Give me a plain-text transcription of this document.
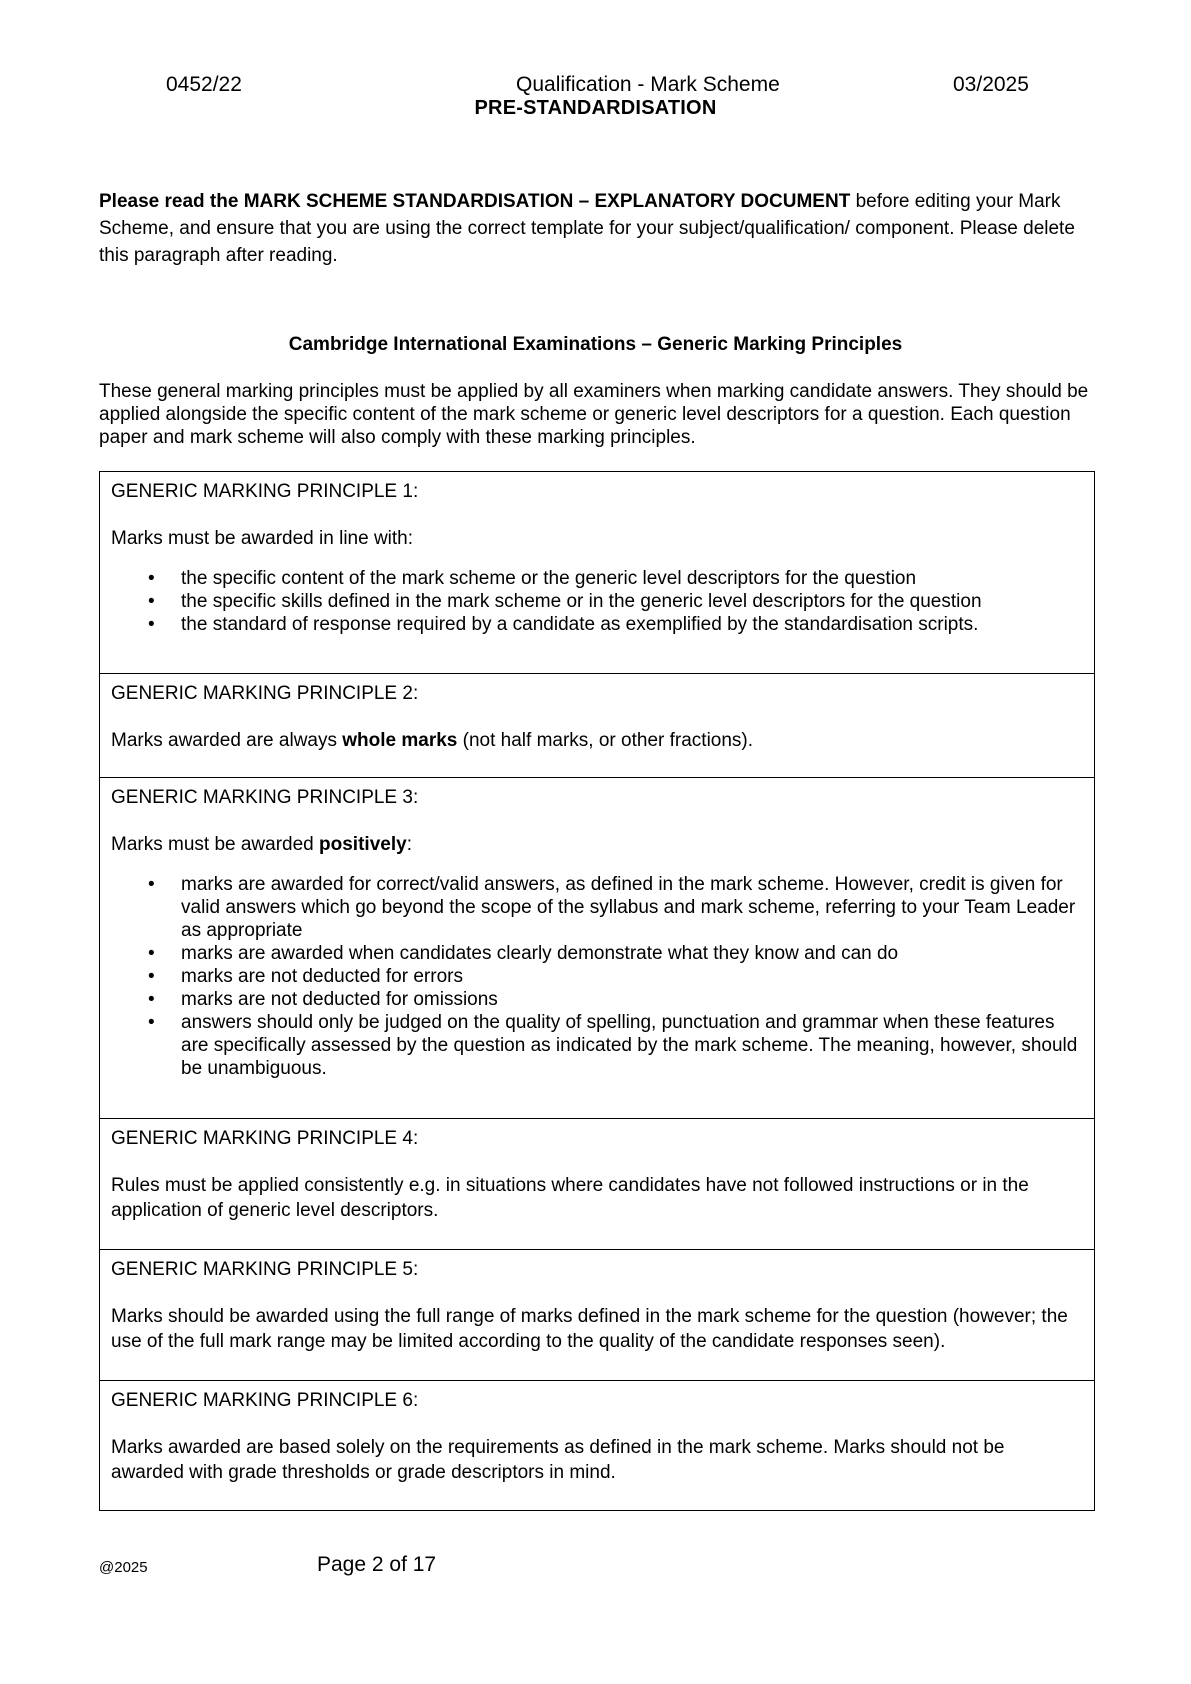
0452/22	Qualification - Mark Scheme	03/2025
PRE-STANDARDISATION
Please read the MARK SCHEME STANDARDISATION – EXPLANATORY DOCUMENT before editing your Mark Scheme, and ensure that you are using the correct template for your subject/qualification/ component. Please delete this paragraph after reading.
Cambridge International Examinations – Generic Marking Principles
These general marking principles must be applied by all examiners when marking candidate answers. They should be applied alongside the specific content of the mark scheme or generic level descriptors for a question. Each question paper and mark scheme will also comply with these marking principles.
GENERIC MARKING PRINCIPLE 1:
Marks must be awarded in line with:
• the specific content of the mark scheme or the generic level descriptors for the question
• the specific skills defined in the mark scheme or in the generic level descriptors for the question
• the standard of response required by a candidate as exemplified by the standardisation scripts.
GENERIC MARKING PRINCIPLE 2:
Marks awarded are always whole marks (not half marks, or other fractions).
GENERIC MARKING PRINCIPLE 3:
Marks must be awarded positively:
• marks are awarded for correct/valid answers, as defined in the mark scheme. However, credit is given for valid answers which go beyond the scope of the syllabus and mark scheme, referring to your Team Leader as appropriate
• marks are awarded when candidates clearly demonstrate what they know and can do
• marks are not deducted for errors
• marks are not deducted for omissions
• answers should only be judged on the quality of spelling, punctuation and grammar when these features are specifically assessed by the question as indicated by the mark scheme. The meaning, however, should be unambiguous.
GENERIC MARKING PRINCIPLE 4:
Rules must be applied consistently e.g. in situations where candidates have not followed instructions or in the application of generic level descriptors.
GENERIC MARKING PRINCIPLE 5:
Marks should be awarded using the full range of marks defined in the mark scheme for the question (however; the use of the full mark range may be limited according to the quality of the candidate responses seen).
GENERIC MARKING PRINCIPLE 6:
Marks awarded are based solely on the requirements as defined in the mark scheme. Marks should not be awarded with grade thresholds or grade descriptors in mind.
@2025	Page 2 of 17
